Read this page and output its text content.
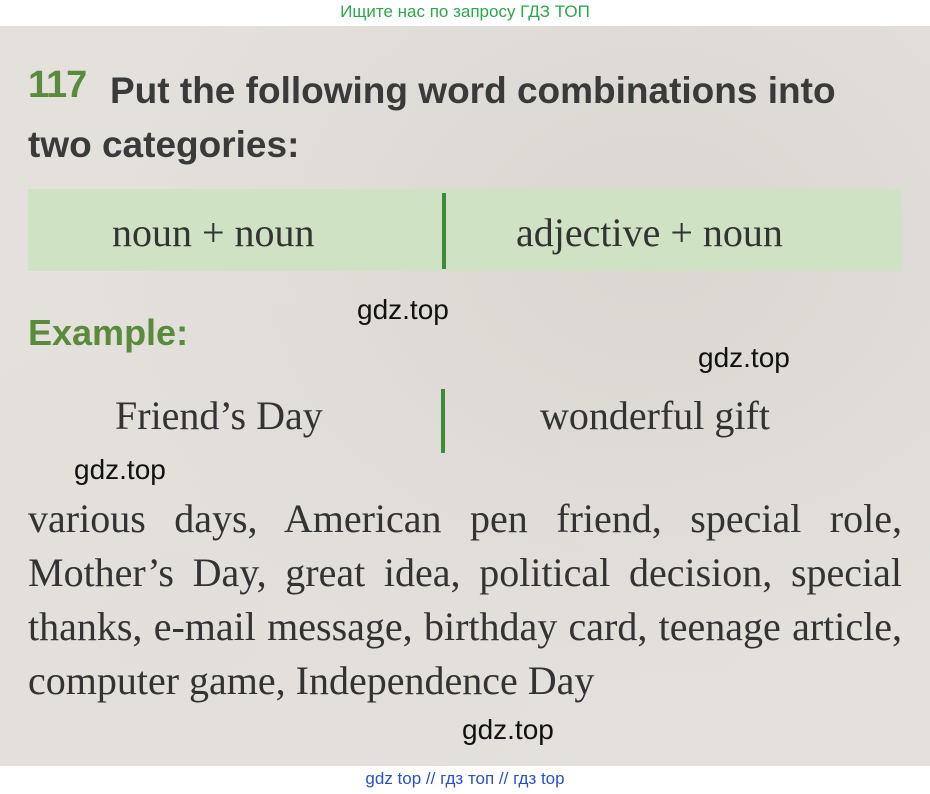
Ищите нас по запросу ГДЗ ТОП
Put the following word combinations into two categories:
117
noun + noun	adjective + noun
Example:
Friend’s Day	wonderful gift
various days, American pen friend, special role, Mother’s Day, great idea, political decision, special thanks, e-mail message, birthday card, teenage article, computer game, Independence Day
gdz.top
gdz.top
gdz.top
gdz.top
gdz top // гдз топ // гдз top
